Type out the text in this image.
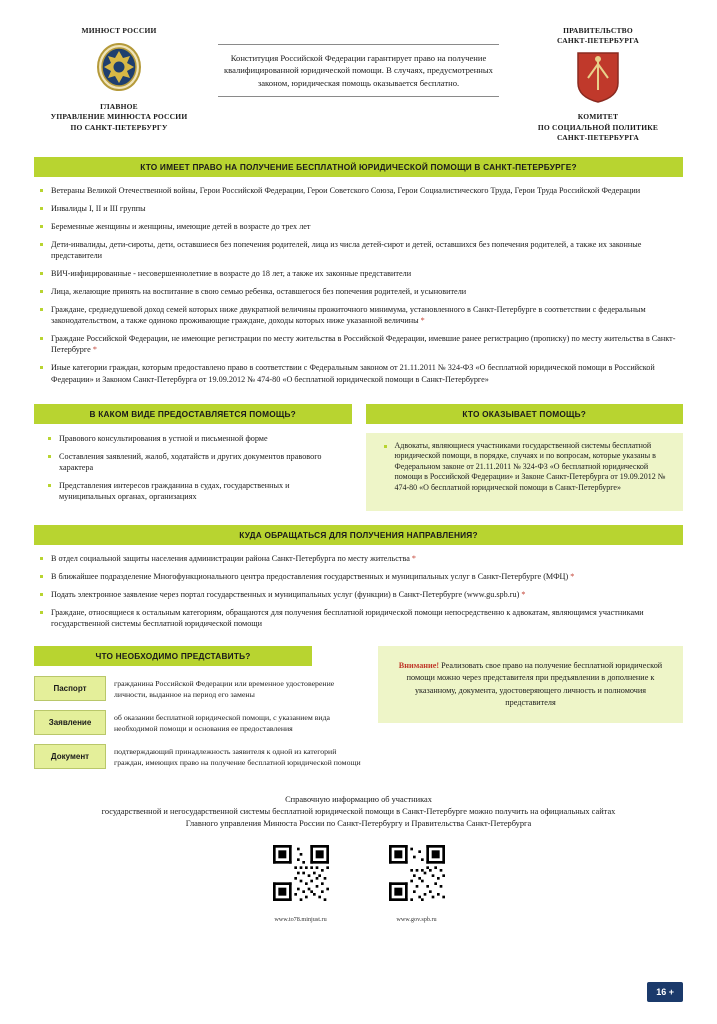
МИНЮСТ РОССИИ
ГЛАВНОЕ
УПРАВЛЕНИЕ МИНЮСТА РОССИИ
ПО САНКТ-ПЕТЕРБУРГУ
Конституция Российской Федерации гарантирует право на получение квалифицированной юридической помощи. В случаях, предусмотренных законом, юридическая помощь оказывается бесплатно.
ПРАВИТЕЛЬСТВО
САНКТ-ПЕТЕРБУРГА
КОМИТЕТ
ПО СОЦИАЛЬНОЙ ПОЛИТИКЕ
САНКТ-ПЕТЕРБУРГА
КТО ИМЕЕТ ПРАВО НА ПОЛУЧЕНИЕ БЕСПЛАТНОЙ ЮРИДИЧЕСКОЙ ПОМОЩИ В САНКТ-ПЕТЕРБУРГЕ?
Ветераны Великой Отечественной войны, Герои Российской Федерации, Герои Советского Союза, Герои Социалистического Труда, Герои Труда Российской Федерации
Инвалиды I, II и III группы
Беременные женщины и женщины, имеющие детей в возрасте до трех лет
Дети-инвалиды, дети-сироты, дети, оставшиеся без попечения родителей, лица из числа детей-сирот и детей, оставшихся без попечения родителей, а также их законные представители
ВИЧ-инфицированные - несовершеннолетние в возрасте до 18 лет, а также их законные представители
Лица, желающие принять на воспитание в свою семью ребенка, оставшегося без попечения родителей, и усыновители
Граждане, среднедушевой доход семей которых ниже двукратной величины прожиточного минимума, установленного в Санкт-Петербурге в соответствии с федеральным законодательством, а также одиноко проживающие граждане, доходы которых ниже указанной величины *
Граждане Российской Федерации, не имеющие регистрации по месту жительства в Российской Федерации, имевшие ранее регистрацию (прописку) по месту жительства в Санкт-Петербурге *
Иные категории граждан, которым предоставлено право в соответствии с Федеральным законом от 21.11.2011 № 324-ФЗ «О бесплатной юридической помощи в Российской Федерации» и Законом Санкт-Петербурга от 19.09.2012 № 474-80 «О бесплатной юридической помощи в Санкт-Петербурге»
В КАКОМ ВИДЕ ПРЕДОСТАВЛЯЕТСЯ ПОМОЩЬ?
Правового консультирования в устной и письменной форме
Составления заявлений, жалоб, ходатайств и других документов правового характера
Представления интересов гражданина в судах, государственных и муниципальных органах, организациях
КТО ОКАЗЫВАЕТ ПОМОЩЬ?
Адвокаты, являющиеся участниками государственной системы бесплатной юридической помощи, в порядке, случаях и по вопросам, которые указаны в Федеральном законе от 21.11.2011 № 324-ФЗ «О бесплатной юридической помощи в Российской Федерации» и Законе Санкт-Петербурга от 19.09.2012 № 474-80 «О бесплатной юридической помощи в Санкт-Петербурге»
КУДА ОБРАЩАТЬСЯ ДЛЯ ПОЛУЧЕНИЯ НАПРАВЛЕНИЯ?
В отдел социальной защиты населения администрации района Санкт-Петербурга по месту жительства *
В ближайшее подразделение Многофункционального центра предоставления государственных и муниципальных услуг в Санкт-Петербурге (МФЦ) *
Подать электронное заявление через портал государственных и муниципальных услуг (функции) в Санкт-Петербурге (www.gu.spb.ru) *
Граждане, относящиеся к остальным категориям, обращаются для получения бесплатной юридической помощи непосредственно к адвокатам, являющимся участниками государственной системы бесплатной юридической помощи
ЧТО НЕОБХОДИМО ПРЕДСТАВИТЬ?
Паспорт
гражданина Российской Федерации или временное удостоверение личности, выданное на период его замены
Заявление
об оказании бесплатной юридической помощи, с указанием вида необходимой помощи и основания ее предоставления
Документ
подтверждающий принадлежность заявителя к одной из категорий граждан, имеющих право на получение бесплатной юридической помощи
Внимание! Реализовать свое право на получение бесплатной юридической помощи можно через представителя при предъявлении в дополнение к указанному, документа, удостоверяющего личность и полномочия представителя
Справочную информацию об участниках
государственной и негосударственной системы бесплатной юридической помощи в Санкт-Петербурге можно получить на официальных сайтах
Главного управления Минюста России по Санкт-Петербургу и Правительства Санкт-Петербурга
www.to78.minjust.ru	www.gov.spb.ru
16 +
